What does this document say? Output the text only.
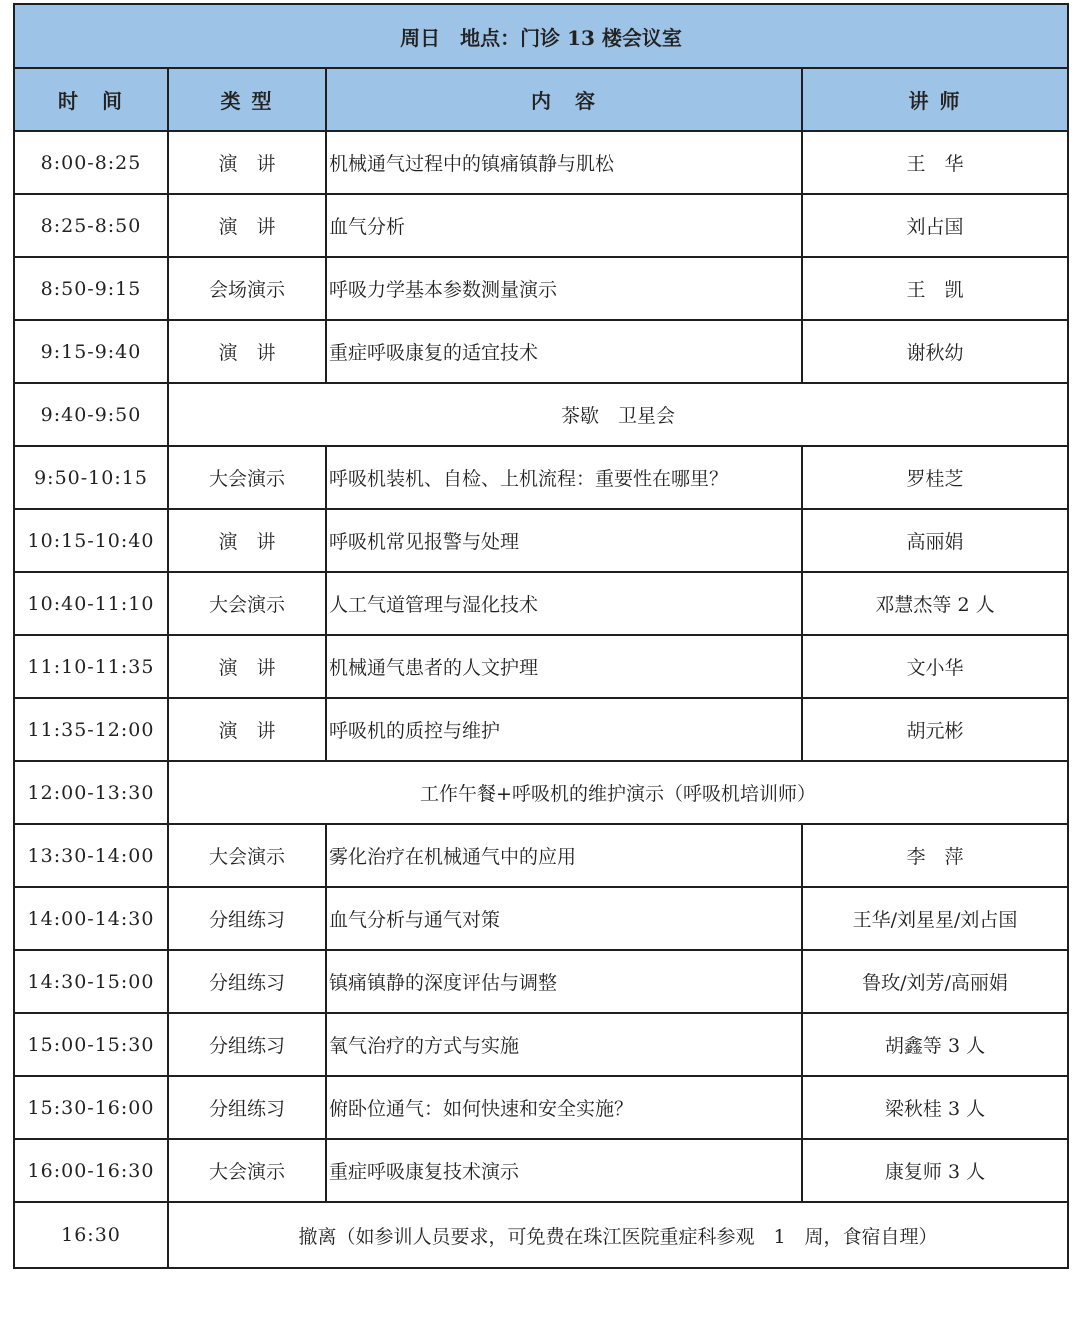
周日　地点：门诊 13 楼会议室			
时　间	类 型	内　容	讲 师
8:00-8:25	演　讲	机械通气过程中的镇痛镇静与肌松	王　华
8:25-8:50	演　讲	血气分析	刘占国
8:50-9:15	会场演示	呼吸力学基本参数测量演示	王　凯
9:15-9:40	演　讲	重症呼吸康复的适宜技术	谢秋幼
9:40-9:50	茶歇　卫星会		
9:50-10:15	大会演示	呼吸机装机、自检、上机流程：重要性在哪里？	罗桂芝
10:15-10:40	演　讲	呼吸机常见报警与处理	高丽娟
10:40-11:10	大会演示	人工气道管理与湿化技术	邓慧杰等 2 人
11:10-11:35	演　讲	机械通气患者的人文护理	文小华
11:35-12:00	演　讲	呼吸机的质控与维护	胡元彬
12:00-13:30	工作午餐+呼吸机的维护演示（呼吸机培训师）		
13:30-14:00	大会演示	雾化治疗在机械通气中的应用	李　萍
14:00-14:30	分组练习	血气分析与通气对策	王华/刘星星/刘占国
14:30-15:00	分组练习	镇痛镇静的深度评估与调整	鲁玫/刘芳/高丽娟
15:00-15:30	分组练习	氧气治疗的方式与实施	胡鑫等 3 人
15:30-16:00	分组练习	俯卧位通气：如何快速和安全实施？	梁秋桂 3 人
16:00-16:30	大会演示	重症呼吸康复技术演示	康复师 3 人
16:30	撤离（如参训人员要求，可免费在珠江医院重症科参观　1　周，食宿自理）		
